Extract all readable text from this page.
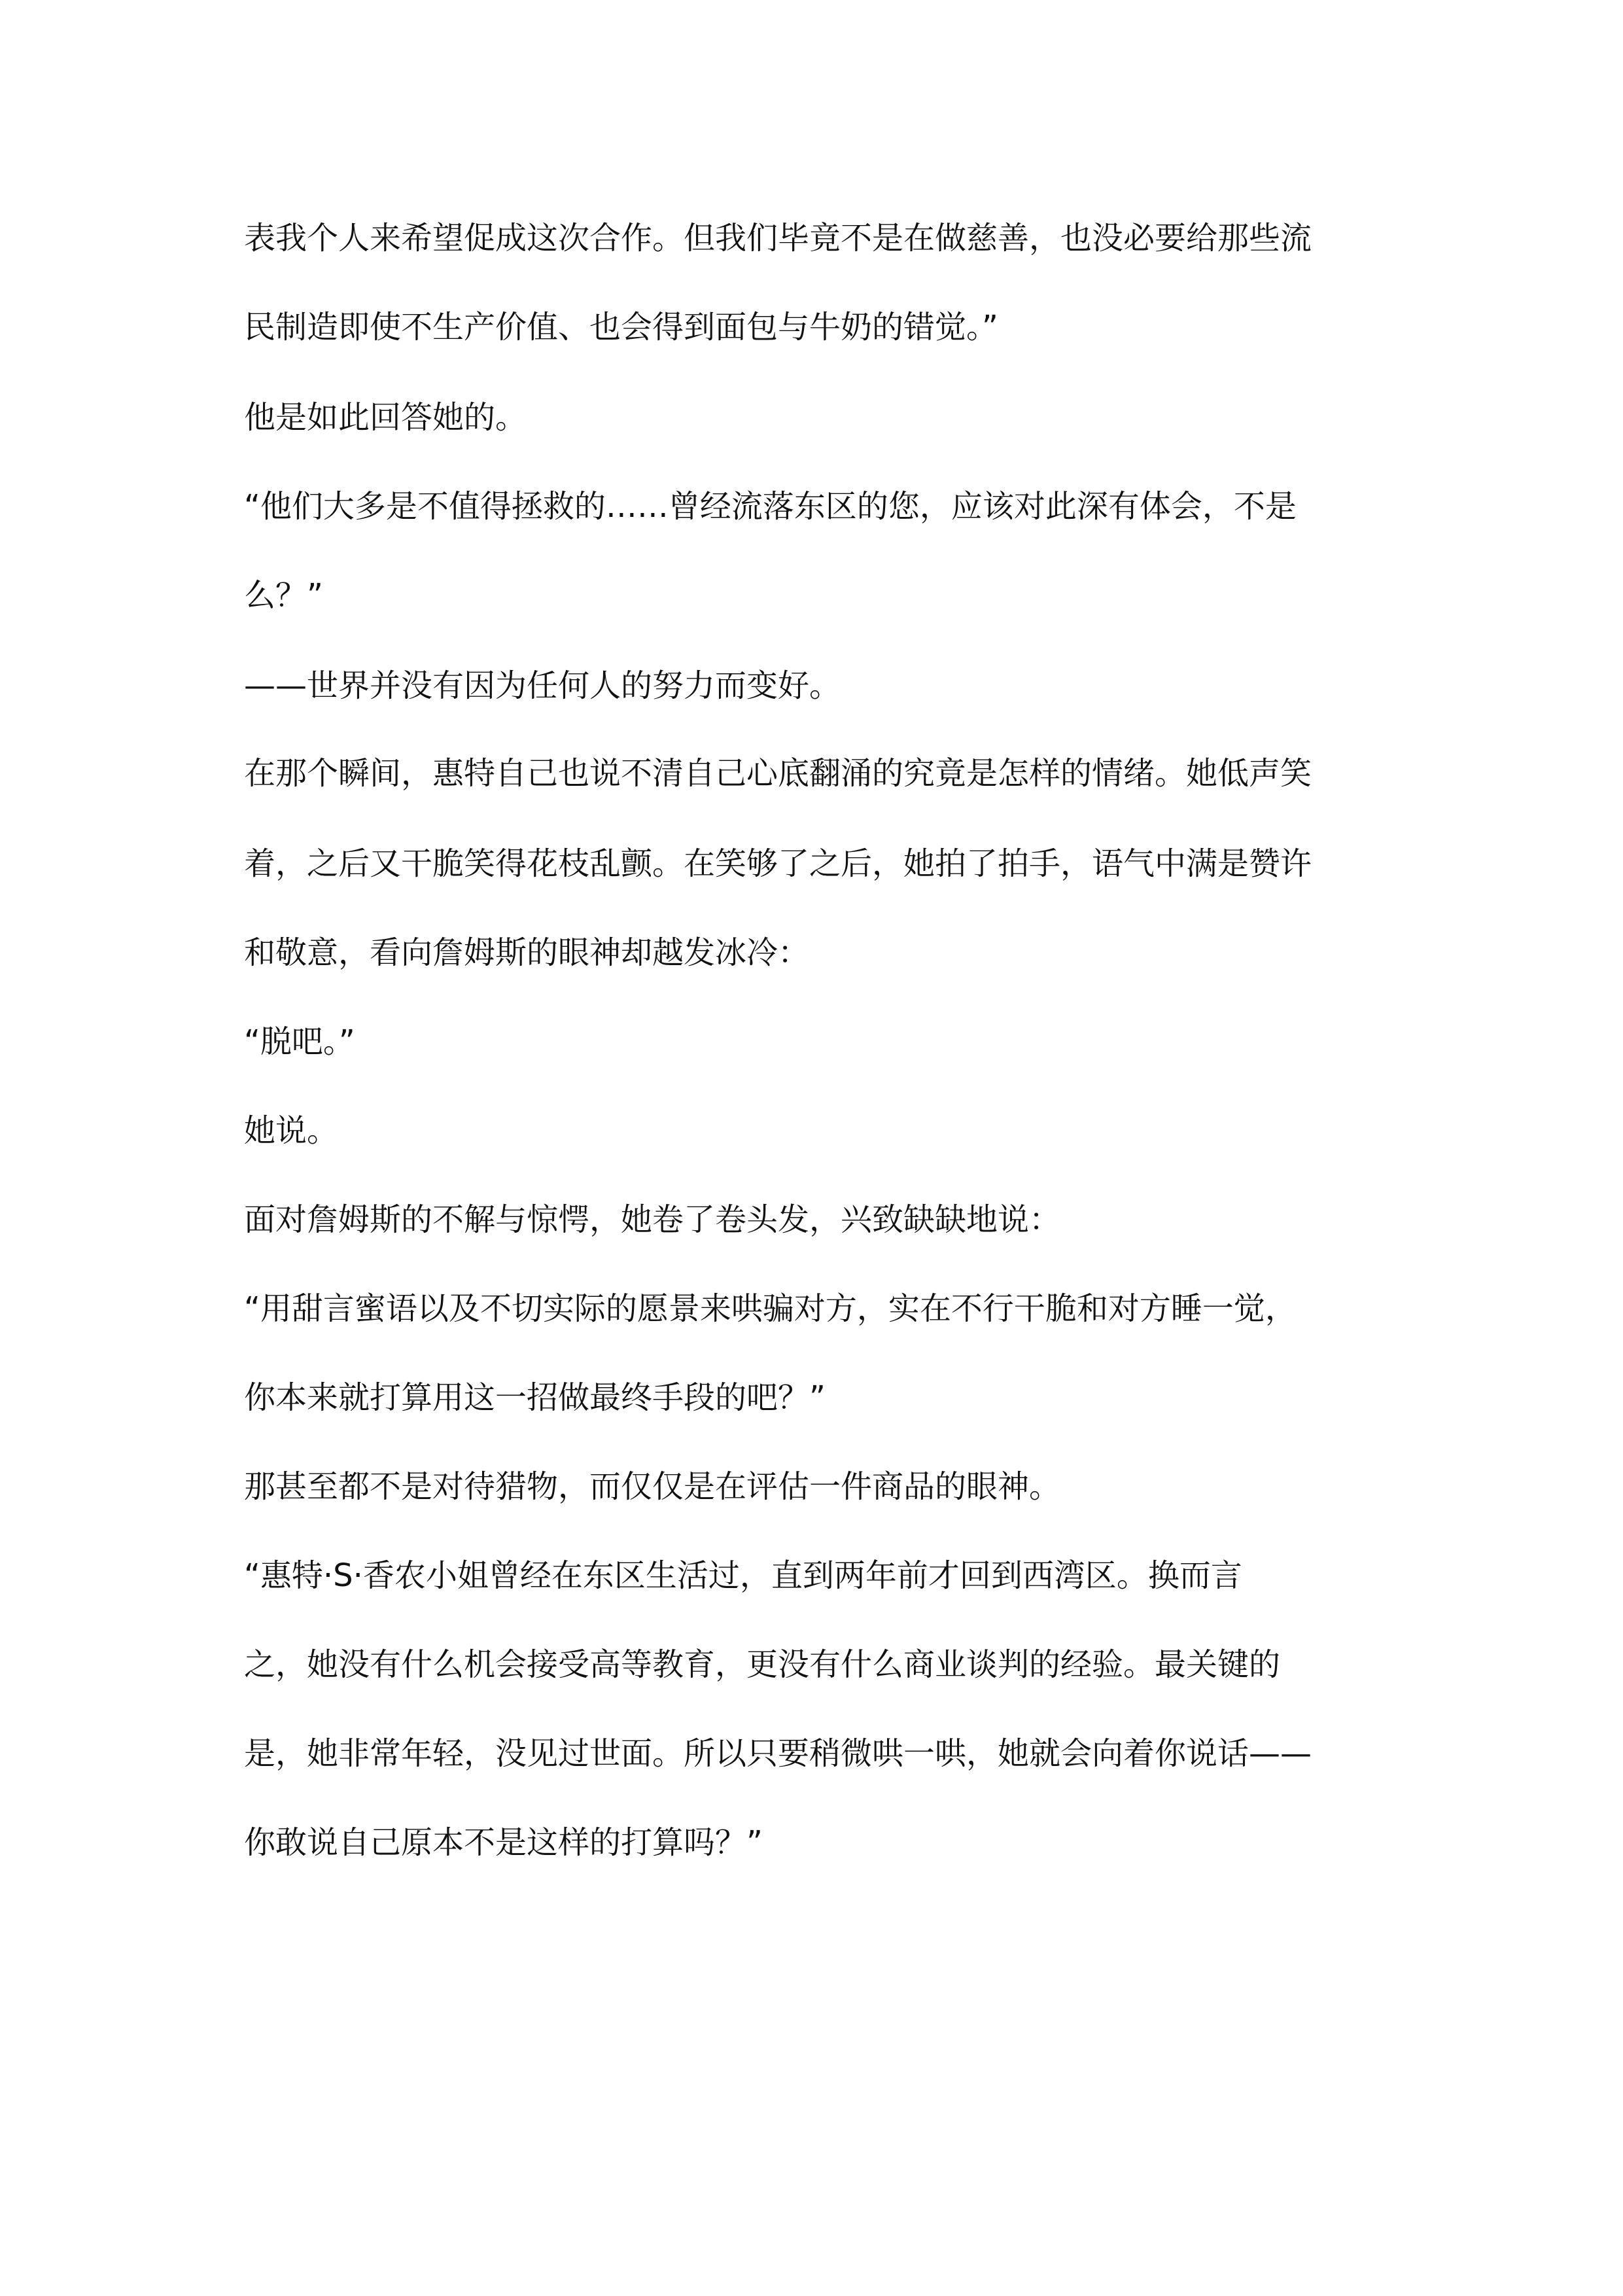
表我个人来希望促成这次合作。但我们毕竟不是在做慈善，也没必要给那些流

民制造即使不生产价值、也会得到面包与牛奶的错觉。”

他是如此回答她的。

“他们大多是不值得拯救的……曾经流落东区的您，应该对此深有体会，不是

么？”

——世界并没有因为任何人的努力而变好。

在那个瞬间，惠特自己也说不清自己心底翻涌的究竟是怎样的情绪。她低声笑

着，之后又干脆笑得花枝乱颤。在笑够了之后，她拍了拍手，语气中满是赞许

和敬意，看向詹姆斯的眼神却越发冰冷：

“脱吧。”

她说。

面对詹姆斯的不解与惊愕，她卷了卷头发，兴致缺缺地说：

“用甜言蜜语以及不切实际的愿景来哄骗对方，实在不行干脆和对方睡一觉，

你本来就打算用这一招做最终手段的吧？”

那甚至都不是对待猎物，而仅仅是在评估一件商品的眼神。

“惠特·S·香农小姐曾经在东区生活过，直到两年前才回到西湾区。换而言

之，她没有什么机会接受高等教育，更没有什么商业谈判的经验。最关键的

是，她非常年轻，没见过世面。所以只要稍微哄一哄，她就会向着你说话——

你敢说自己原本不是这样的打算吗？”
